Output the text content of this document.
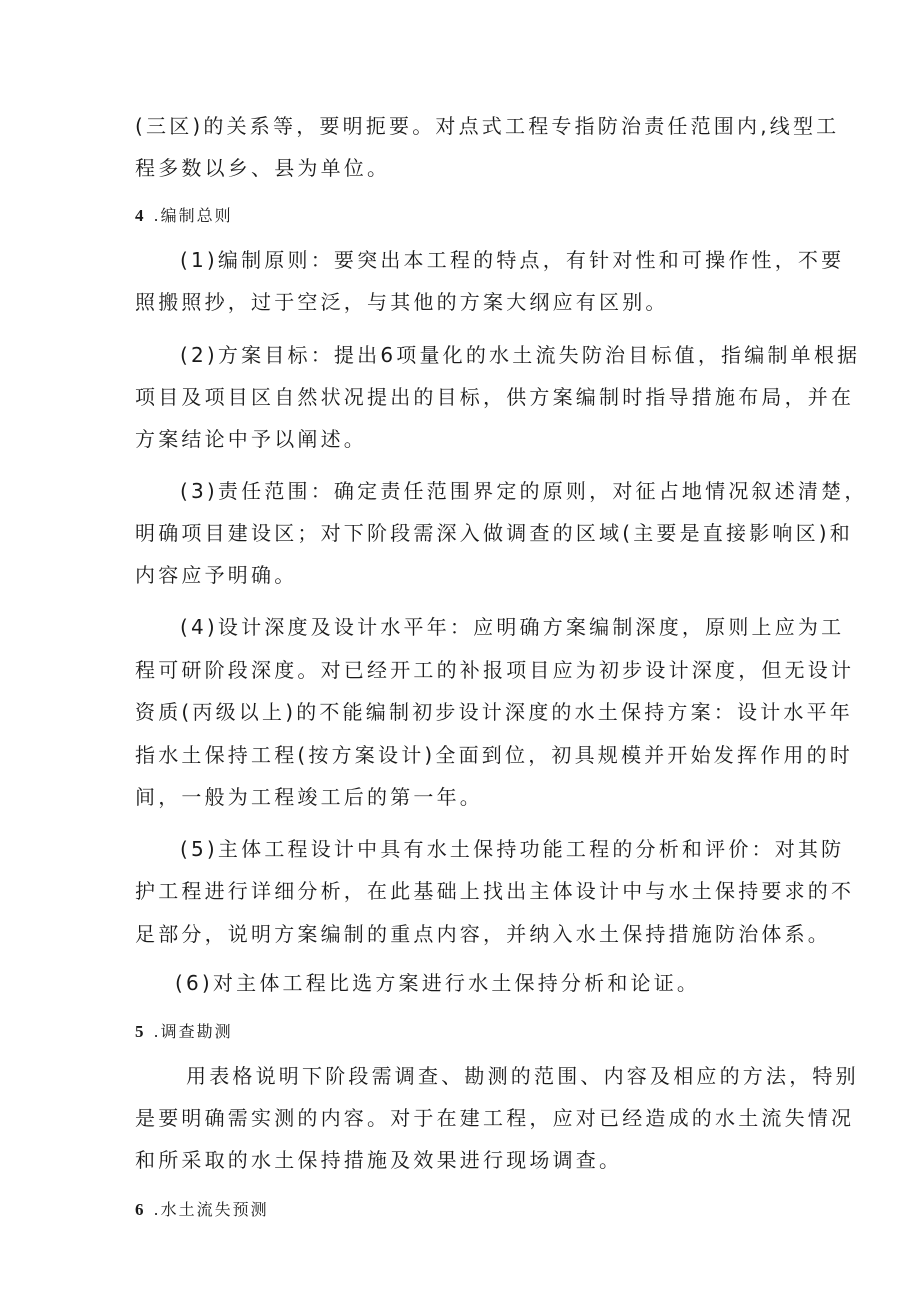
(三区)的关系等，要明扼要。对点式工程专指防治责任范围内,线型工
程多数以乡、县为单位。
4 .编制总则
(1)编制原则：要突出本工程的特点，有针对性和可操作性，不要
照搬照抄，过于空泛，与其他的方案大纲应有区别。
(2)方案目标：提出6项量化的水土流失防治目标值，指编制单根据
项目及项目区自然状况提出的目标，供方案编制时指导措施布局，并在
方案结论中予以阐述。
(3)责任范围：确定责任范围界定的原则，对征占地情况叙述清楚，
明确项目建设区；对下阶段需深入做调查的区域(主要是直接影响区)和
内容应予明确。
(4)设计深度及设计水平年：应明确方案编制深度，原则上应为工
程可研阶段深度。对已经开工的补报项目应为初步设计深度，但无设计
资质(丙级以上)的不能编制初步设计深度的水土保持方案：设计水平年
指水土保持工程(按方案设计)全面到位，初具规模并开始发挥作用的时
间，一般为工程竣工后的第一年。
(5)主体工程设计中具有水土保持功能工程的分析和评价：对其防
护工程进行详细分析，在此基础上找出主体设计中与水土保持要求的不
足部分，说明方案编制的重点内容，并纳入水土保持措施防治体系。
(6)对主体工程比选方案进行水土保持分析和论证。
5 .调查勘测
用表格说明下阶段需调查、勘测的范围、内容及相应的方法，特别
是要明确需实测的内容。对于在建工程，应对已经造成的水土流失情况
和所采取的水土保持措施及效果进行现场调查。
6 .水土流失预测
